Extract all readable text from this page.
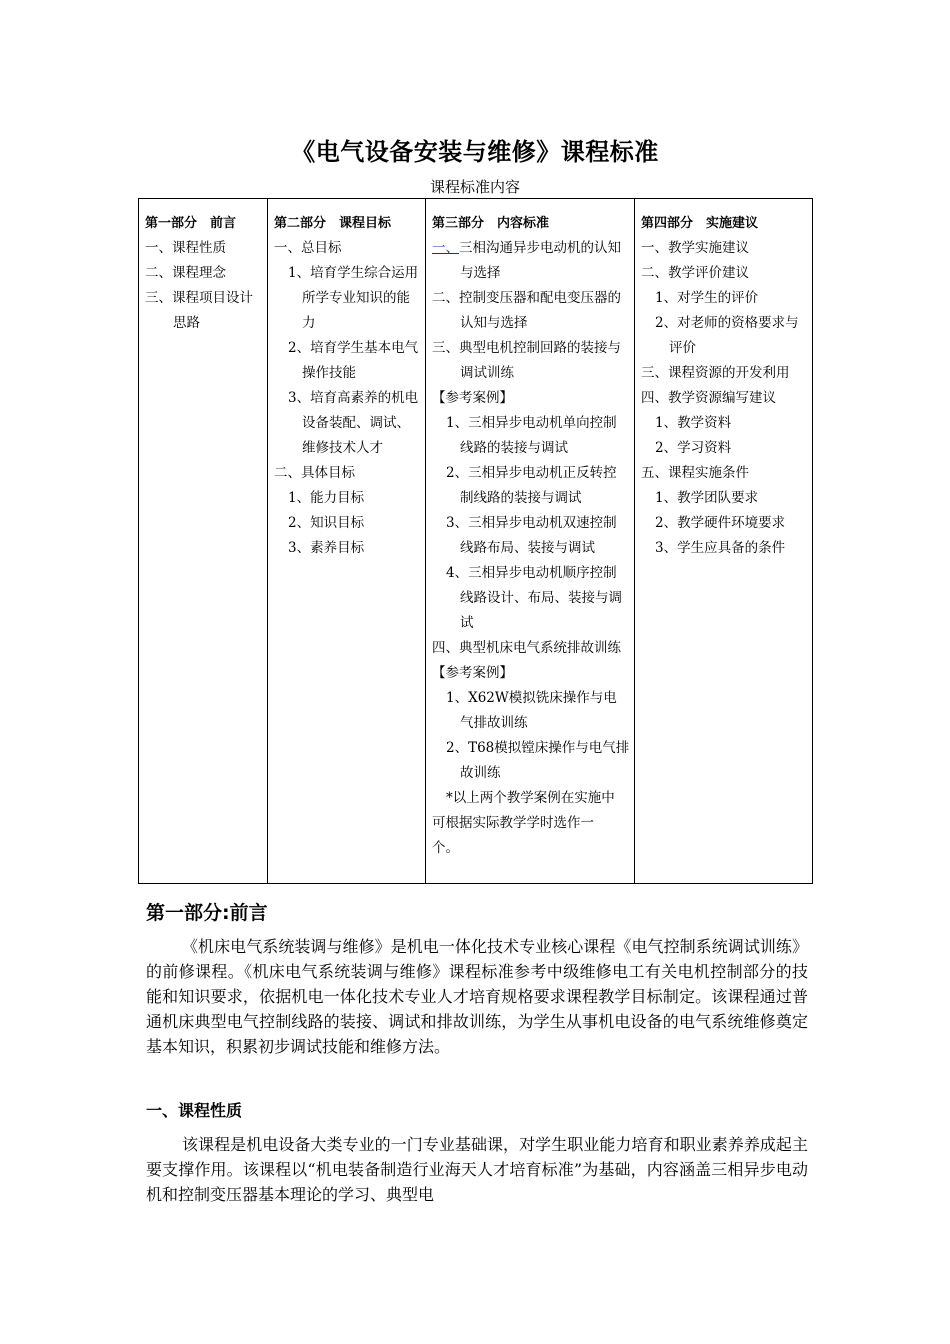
《电气设备安装与维修》课程标准
课程标准内容
第一部分　前言
一、课程性质
二、课程理念
三、课程项目设计思路

第二部分　课程目标
一、总目标
1、培育学生综合运用所学专业知识的能力
2、培育学生基本电气操作技能
3、培育高素养的机电设备装配、调试、维修技术人才
二、具体目标
1、能力目标
2、知识目标
3、素养目标

第三部分　内容标准
一、三相沟通异步电动机的认知与选择
二、控制变压器和配电变压器的认知与选择
三、典型电机控制回路的装接与调试训练
【参考案例】
1、三相异步电动机单向控制线路的装接与调试
2、三相异步电动机正反转控制线路的装接与调试
3、三相异步电动机双速控制线路布局、装接与调试
4、三相异步电动机顺序控制线路设计、布局、装接与调试
四、典型机床电气系统排故训练
【参考案例】
1、X62W模拟铣床操作与电气排故训练
2、T68模拟镗床操作与电气排故训练
*以上两个教学案例在实施中可根据实际教学学时选作一个。

第四部分　实施建议
一、教学实施建议
二、教学评价建议
1、对学生的评价
2、对老师的资格要求与评价
三、课程资源的开发利用
四、教学资源编写建议
1、教学资料
2、学习资料
五、课程实施条件
1、教学团队要求
2、教学硬件环境要求
3、学生应具备的条件
第一部分:前言

《机床电气系统装调与维修》是机电一体化技术专业核心课程《电气控制系统调试训练》的前修课程。《机床电气系统装调与维修》课程标准参考中级维修电工有关电机控制部分的技能和知识要求，依据机电一体化技术专业人才培育规格要求课程教学目标制定。该课程通过普通机床典型电气控制线路的装接、调试和排故训练，为学生从事机电设备的电气系统维修奠定基本知识，积累初步调试技能和维修方法。

一、课程性质

该课程是机电设备大类专业的一门专业基础课，对学生职业能力培育和职业素养养成起主要支撑作用。该课程以“机电装备制造行业海天人才培育标准”为基础，内容涵盖三相异步电动机和控制变压器基本理论的学习、典型电
